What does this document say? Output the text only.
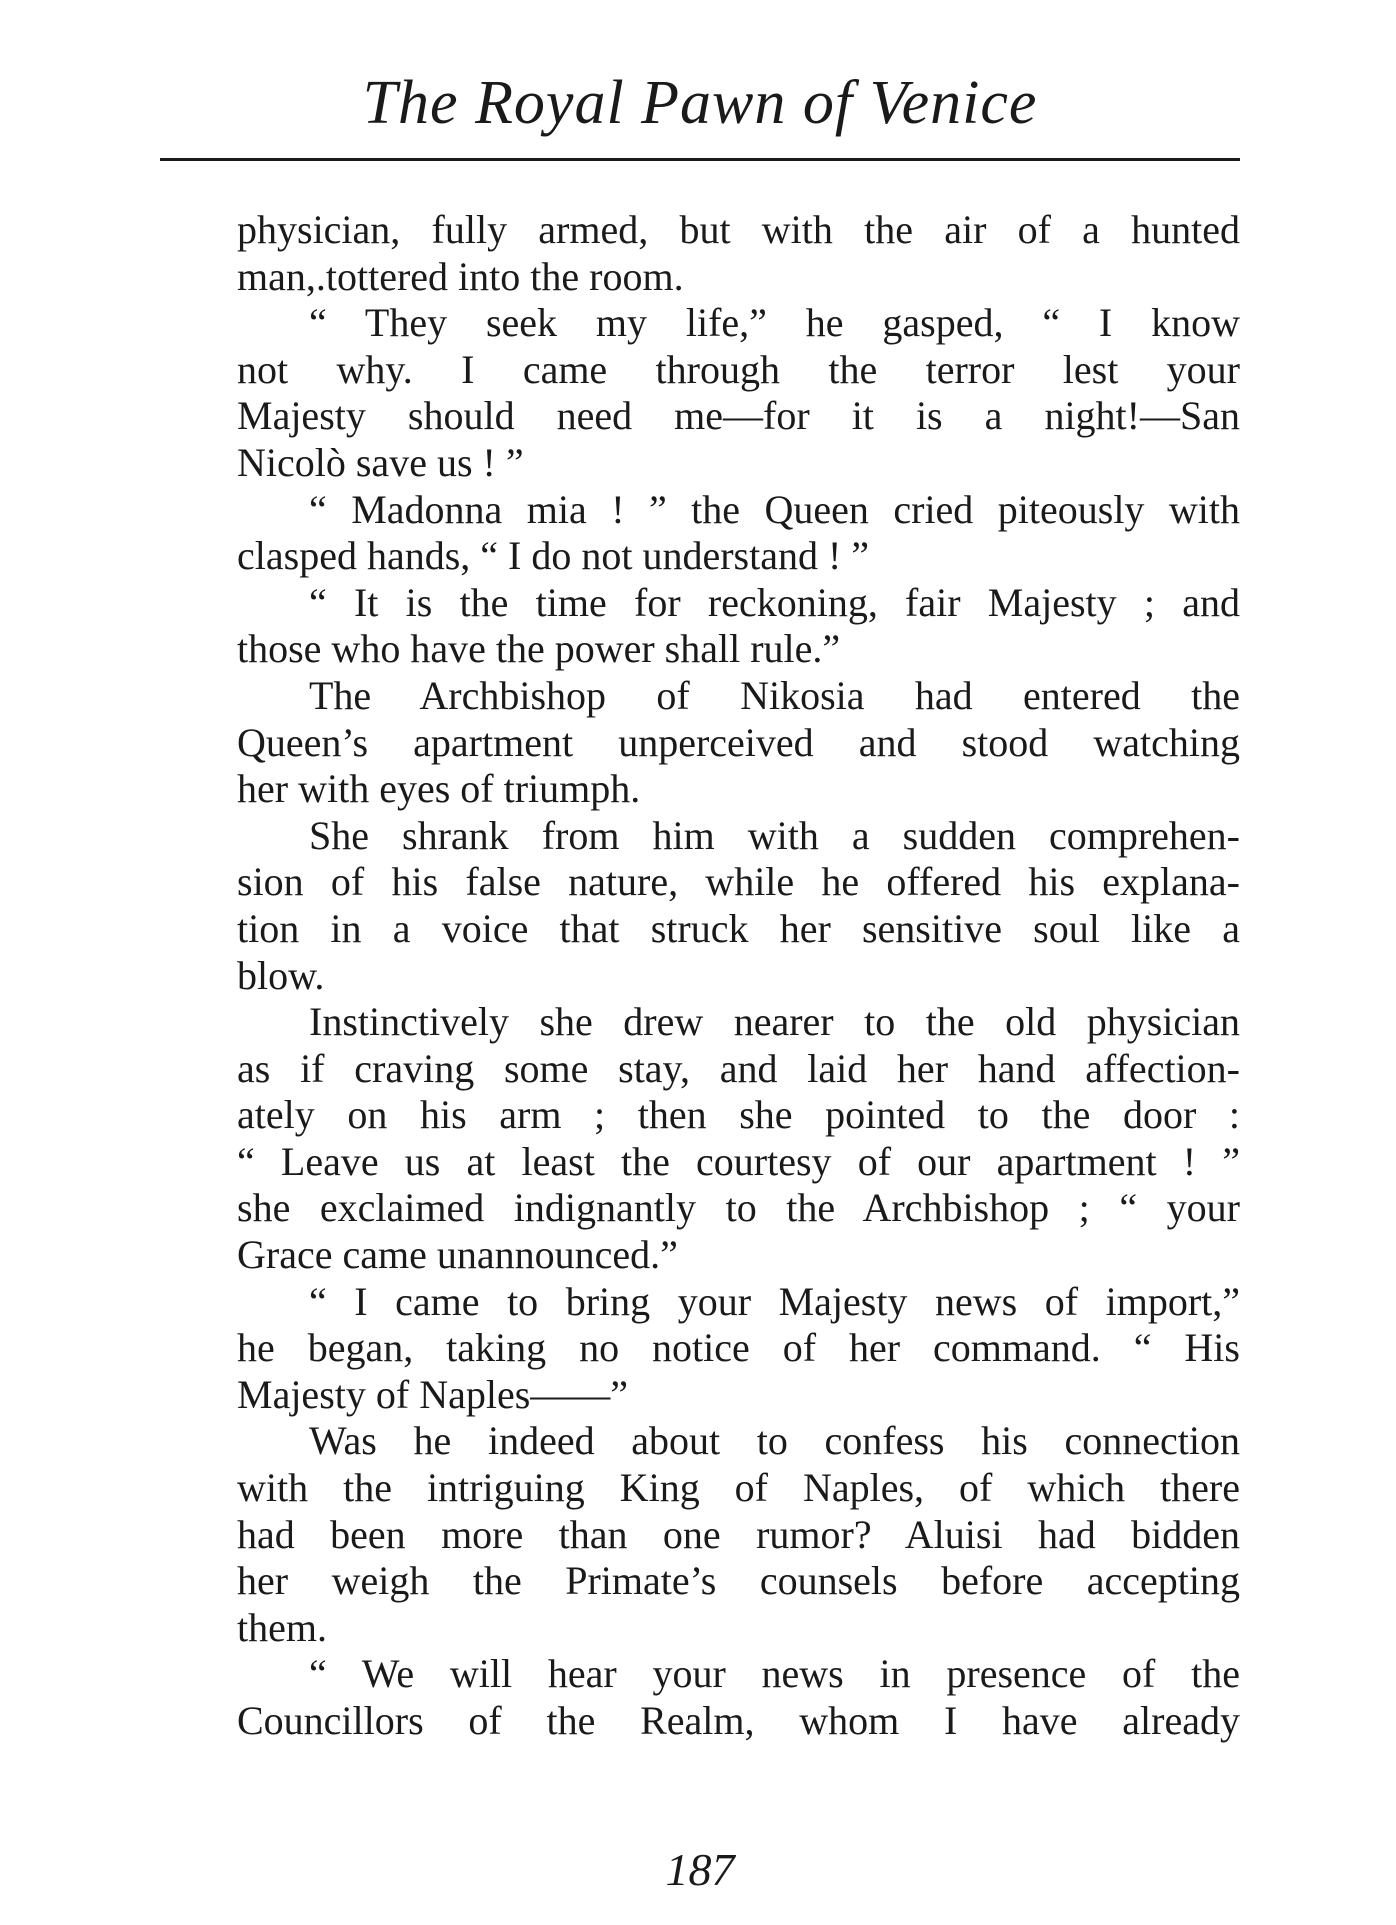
The Royal Pawn of Venice
physician, fully armed, but with the air of a hunted
man,.tottered into the room.
“ They seek my life,” he gasped, “ I know
not why. I came through the terror lest your
Majesty should need me—for it is a night!—San
Nicolò save us ! ”
“ Madonna mia ! ” the Queen cried piteously with
clasped hands, “ I do not understand ! ”
“ It is the time for reckoning, fair Majesty ; and
those who have the power shall rule.”
The Archbishop of Nikosia had entered the
Queen’s apartment unperceived and stood watching
her with eyes of triumph.
She shrank from him with a sudden comprehen-
sion of his false nature, while he offered his explana-
tion in a voice that struck her sensitive soul like a
blow.
Instinctively she drew nearer to the old physician
as if craving some stay, and laid her hand affection-
ately on his arm ; then she pointed to the door :
“ Leave us at least the courtesy of our apartment ! ”
she exclaimed indignantly to the Archbishop ; “ your
Grace came unannounced.”
“ I came to bring your Majesty news of import,”
he began, taking no notice of her command. “ His
Majesty of Naples——”
Was he indeed about to confess his connection
with the intriguing King of Naples, of which there
had been more than one rumor? Aluisi had bidden
her weigh the Primate’s counsels before accepting
them.
“ We will hear your news in presence of the
Councillors of the Realm, whom I have already
187
